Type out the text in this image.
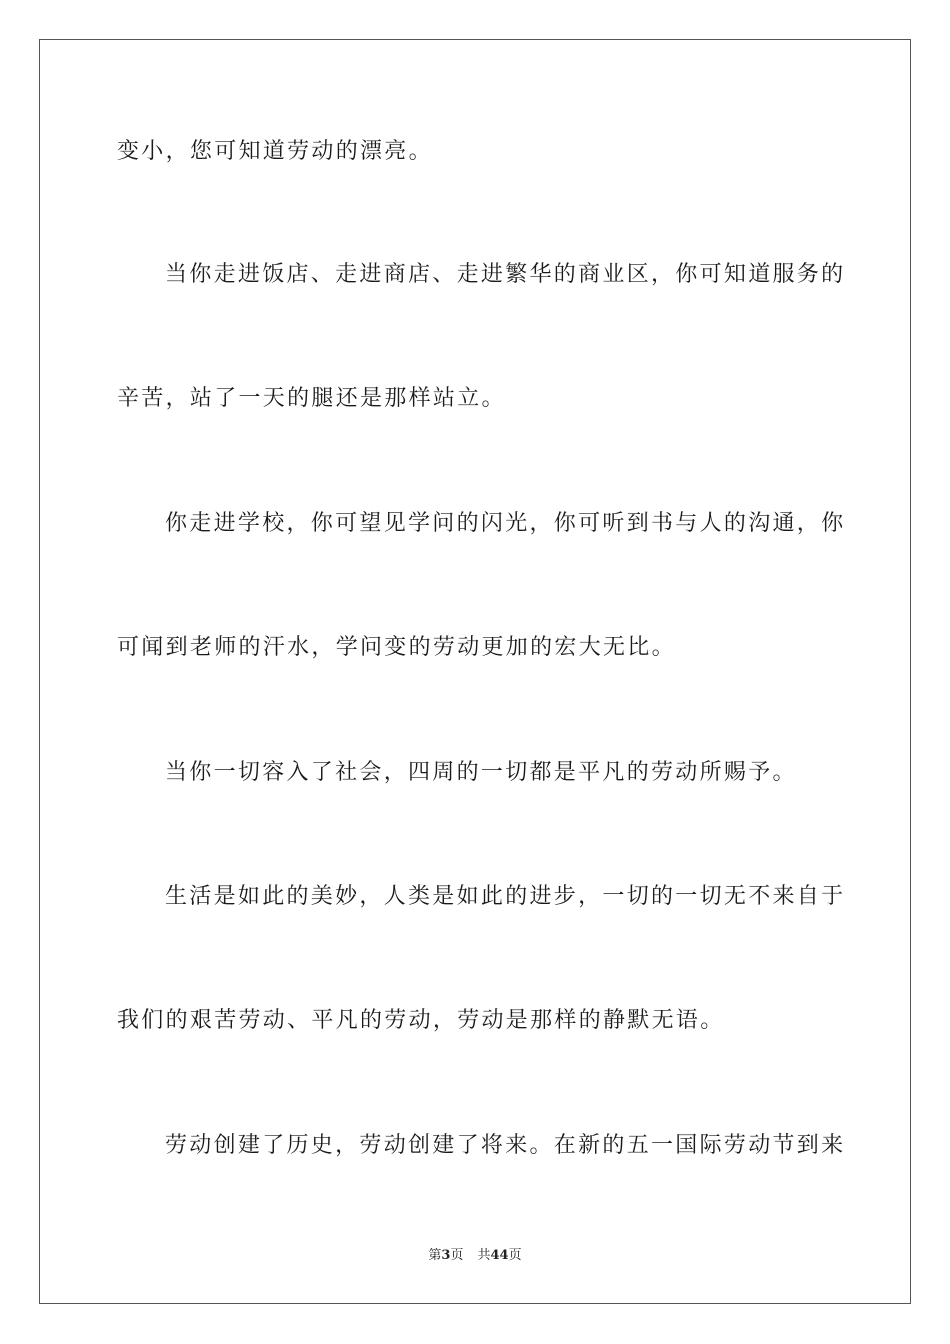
变小，您可知道劳动的漂亮。
当你走进饭店、走进商店、走进繁华的商业区，你可知道服务的
辛苦，站了一天的腿还是那样站立。
你走进学校，你可望见学问的闪光，你可听到书与人的沟通，你
可闻到老师的汗水，学问变的劳动更加的宏大无比。
当你一切容入了社会，四周的一切都是平凡的劳动所赐予。
生活是如此的美妙，人类是如此的进步，一切的一切无不来自于
我们的艰苦劳动、平凡的劳动，劳动是那样的静默无语。
劳动创建了历史，劳动创建了将来。在新的五一国际劳动节到来
第3页 共44页
